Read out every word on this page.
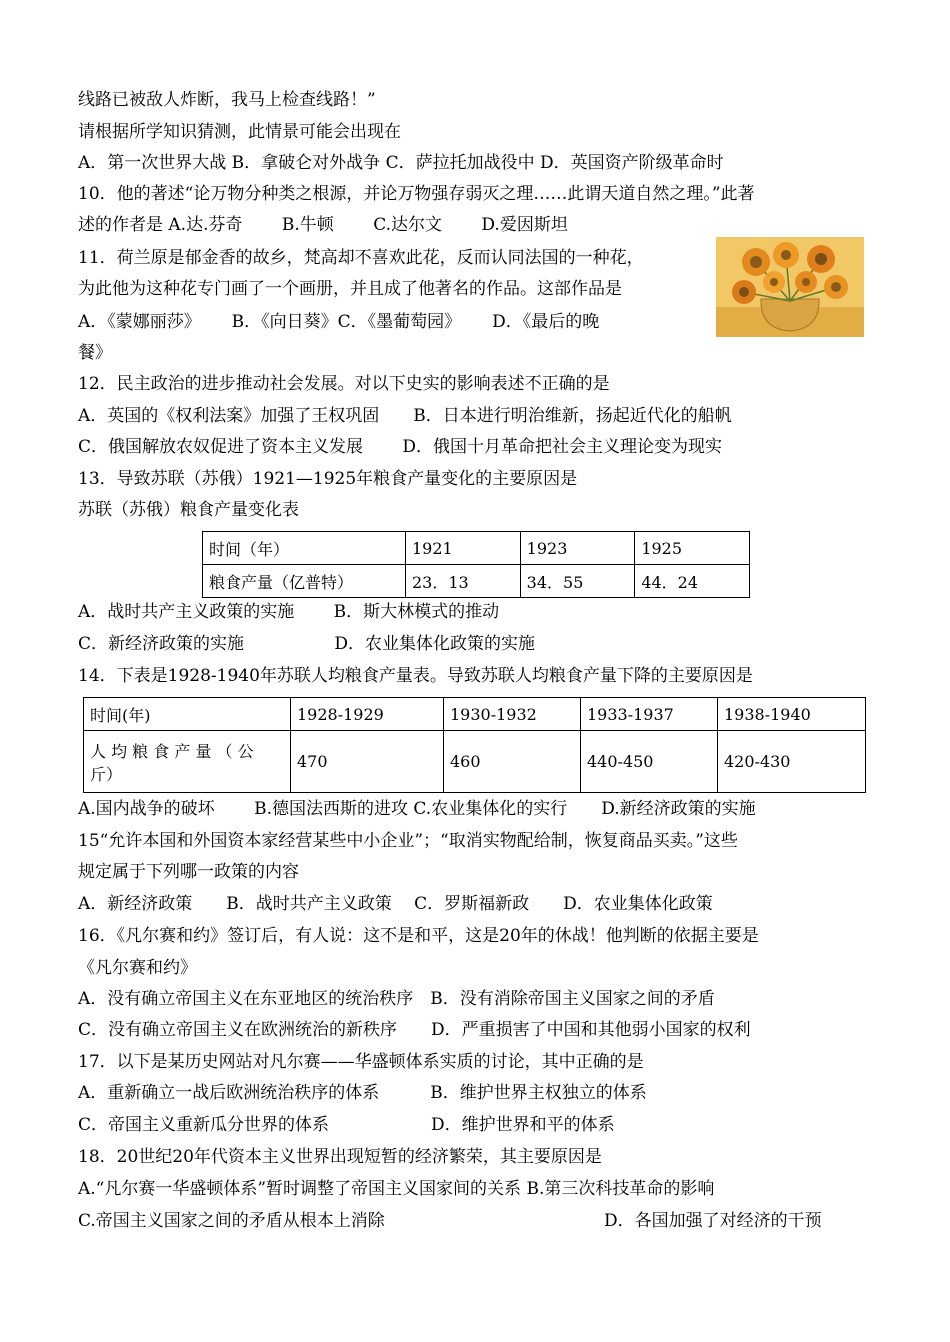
线路已被敌人炸断，我马上检查线路！”
请根据所学知识猜测，此情景可能会出现在
A．第一次世界大战 B．拿破仑对外战争 C．萨拉托加战役中 D．英国资产阶级革命时
10．他的著述“论万物分种类之根源，并论万物强存弱灭之理……此谓天道自然之理。”此著
述的作者是 A.达.芬奇　　 B.牛顿　　 C.达尔文　　 D.爱因斯坦
11．荷兰原是郁金香的故乡，梵高却不喜欢此花，反而认同法国的一种花，
为此他为这种花专门画了一个画册，并且成了他著名的作品。这部作品是
A．《蒙娜丽莎》　　 B．《向日葵》C．《墨葡萄园》　　 D．《最后的晚
餐》
12．民主政治的进步推动社会发展。对以下史实的影响表述不正确的是
A．英国的《权利法案》加强了王权巩固　　B．日本进行明治维新，扬起近代化的船帆
C．俄国解放农奴促进了资本主义发展　　 D．俄国十月革命把社会主义理论变为现实
13．导致苏联（苏俄）1921—1925年粮食产量变化的主要原因是
苏联（苏俄）粮食产量变化表
时间（年）	1921	1923	1925
粮食产量（亿普特）	23．13	34．55	44．24
A．战时共产主义政策的实施　　 B．斯大林模式的推动
C．新经济政策的实施　　　　　 D．农业集体化政策的实施
14．下表是1928-1940年苏联人均粮食产量表。导致苏联人均粮食产量下降的主要原因是
时间(年)	1928-1929	1930-1932	1933-1937	1938-1940

人 均 粮 食 产 量 （ 公
斤）	470	460	440-450	420-430
A.国内战争的破坏　　 B.德国法西斯的进攻 C.农业集体化的实行　　D.新经济政策的实施
15“允许本国和外国资本家经营某些中小企业”；“取消实物配给制，恢复商品买卖。”这些
规定属于下列哪一政策的内容
A．新经济政策　　B．战时共产主义政策　 C．罗斯福新政　　D．农业集体化政策
16．《凡尔赛和约》签订后，有人说：这不是和平，这是20年的休战！他判断的依据主要是
《凡尔赛和约》
A．没有确立帝国主义在东亚地区的统治秩序　B．没有消除帝国主义国家之间的矛盾
C．没有确立帝国主义在欧洲统治的新秩序　　D．严重损害了中国和其他弱小国家的权利
17．以下是某历史网站对凡尔赛——华盛顿体系实质的讨论，其中正确的是
A．重新确立一战后欧洲统治秩序的体系　　　B．维护世界主权独立的体系
C．帝国主义重新瓜分世界的体系　　　　　　D．维护世界和平的体系
18．20世纪20年代资本主义世界出现短暂的经济繁荣，其主要原因是
A.“凡尔赛一华盛顿体系”暂时调整了帝国主义国家间的关系 B.第三次科技革命的影响
C.帝国主义国家之间的矛盾从根本上消除	D．各国加强了对经济的干预
